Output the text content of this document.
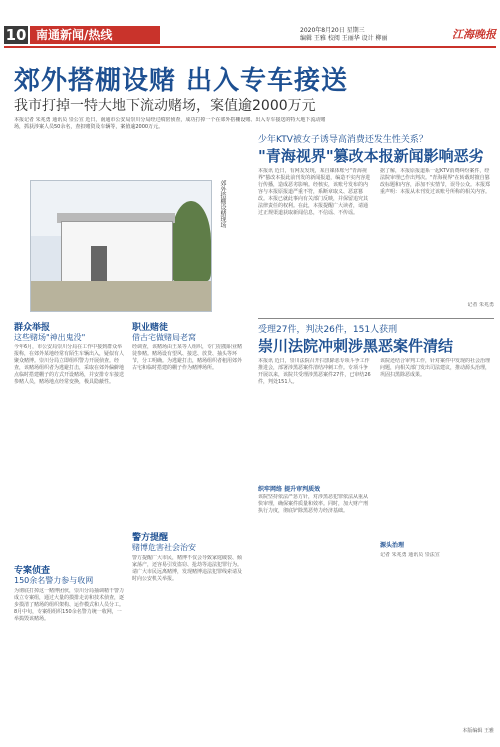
10 南通新闻/热线	2020年8月20日 星期三
编辑 王雅 校阅 王丽华 设计 柳丽	江海晚报
郊外搭棚设赌 出入专车接送
我市打掉一特大地下流动赌场，案值逾2000万元
本报记者 朱兆勇 通讯员 崇公宣 近日，南通市公安局崇川分局经过缜密侦查，成功打掉一个在郊外搭棚设赌、出入专车接送的特大地下流动赌场，抓获涉案人员50余名，查扣赌资及车辆等，案值逾2000万元。
郊外搭棚设赌现场
群众举报
这些赌场"神出鬼没"
今年6月，市公安局崇川分局在工作中接到群众举报称，在郊外某地经常有陌生车辆出入，疑似有人聚众赌博。崇川分局立即组织警力开展侦查。经查，该赌场组织者为逃避打击，采取在郊外偏僻地点临时搭建棚子的方式开设赌场，并安排专车接送参赌人员，赌场地点经常变换，极具隐蔽性。
专案侦查
150余名警力参与收网
为彻底打掉这一赌博团伙，崇川分局抽调精干警力成立专案组，通过大量的摸排走访和技术侦查，逐步摸清了赌场的组织架构、运作模式和人员分工。8月中旬，专案组组织150余名警力统一收网，一举捣毁该赌场。
职业赌徒
借古宅做赌局老窝
经调查，该赌场由王某等人组织，专门招揽职业赌徒参赌。赌场设有望风、接送、放贷、抽头等环节，分工明确。为逃避打击，赌场组织者租用郊外古宅和临时搭建的棚子作为赌博场所。
警方提醒
赌博危害社会治安
警方提醒广大市民，赌博不仅会导致家庭破裂、倾家荡产，还容易引发盗窃、抢劫等违法犯罪行为。请广大市民远离赌博，发现赌博违法犯罪线索请及时向公安机关举报。
少年KTV被女子诱导高消费还发生性关系？
"青海视界"篡改本报新闻影响恶劣
本报讯 近日，有网友发现，某自媒体账号"青海视界"篡改本报此前刊发的新闻报道，编造不实内容进行传播，造成恶劣影响。经核实，该账号发布的内容与本报原报道严重不符，系断章取义、恶意篡改。本报已就此事向有关部门反映，并保留追究其法律责任的权利。在此，本报提醒广大读者，请通过正规渠道获取新闻信息，不信谣、不传谣。
据了解，本报原报道系一起KTV消费纠纷案件，经法院审理已作出判决。"青海视界"在转载时擅自篡改标题和内容，添加不实情节，误导公众。本报郑重声明：本报从未刊发过该账号所称的相关内容。
记者 朱兆勇
受理27件，判决26件，151人获刑
崇川法院冲刺涉黑恶案件清结
本报讯 近日，崇川法院召开扫黑除恶专项斗争工作推进会，部署涉黑恶案件清结冲刺工作。专项斗争开展以来，该院共受理涉黑恶案件27件，已审结26件，判处151人。
织牢网络 提升审判质效
该院坚持依法严惩方针，对涉黑恶犯罪依法从重从快审理，确保案件质量和效率。同时，加大财产刑执行力度，彻底铲除黑恶势力经济基础。
源头治理
该院还结合审判工作，针对案件中发现的社会治理问题，向相关部门发出司法建议，推动源头治理，巩固扫黑除恶成果。
记者 朱兆勇 通讯员 崇法宣
本版编辑 王雅
